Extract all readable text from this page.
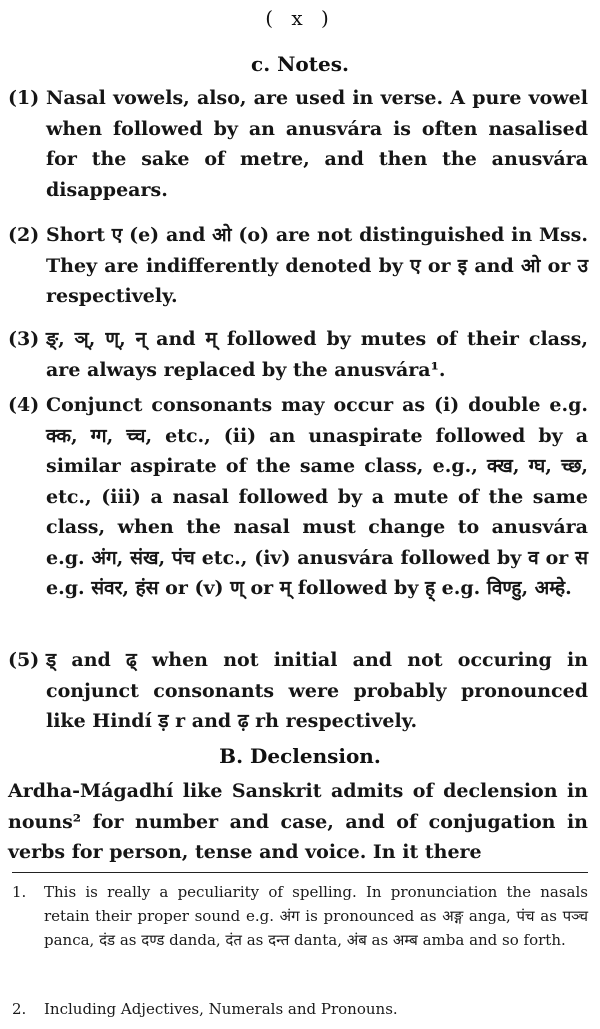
( x )
c. Notes.
(1) Nasal vowels, also, are used in verse. A pure vowel when followed by an anusvára is often nasalised for the sake of metre, and then the anusvára disappears.
(2) Short ए (e) and ओ (o) are not distinguished in Mss. They are indifferently denoted by ए or इ and ओ or उ respectively.
(3) ङ्, ञ्, ण्, न् and म् followed by mutes of their class, are always replaced by the anusvára¹.
(4) Conjunct consonants may occur as (i) double e.g. क्क, ग्ग, च्च, etc., (ii) an unaspirate followed by a similar aspirate of the same class, e.g., क्ख, ग्घ, च्छ, etc., (iii) a nasal followed by a mute of the same class, when the nasal must change to anusvára e.g. अंग, संख, पंच etc., (iv) anusvára followed by व or स e.g. संवर, हंस or (v) ण् or म् followed by ह् e.g. विण्हु, अम्हे.
(5) ड् and ढ् when not initial and not occuring in conjunct consonants were probably pronounced like Hindí ड़ r and ढ़ rh respectively.
B. Declension.
Ardha-Mágadhí like Sanskrit admits of declension in nouns² for number and case, and of conjugation in verbs for person, tense and voice. In it there
1. This is really a peculiarity of spelling. In pronunciation the nasals retain their proper sound e.g. अंग is pronounced as अङ्ग anga, पंच as पञ्च panca, दंड as दण्ड danda, दंत as दन्त danta, अंब as अम्ब amba and so forth.
2. Including Adjectives, Numerals and Pronouns.
